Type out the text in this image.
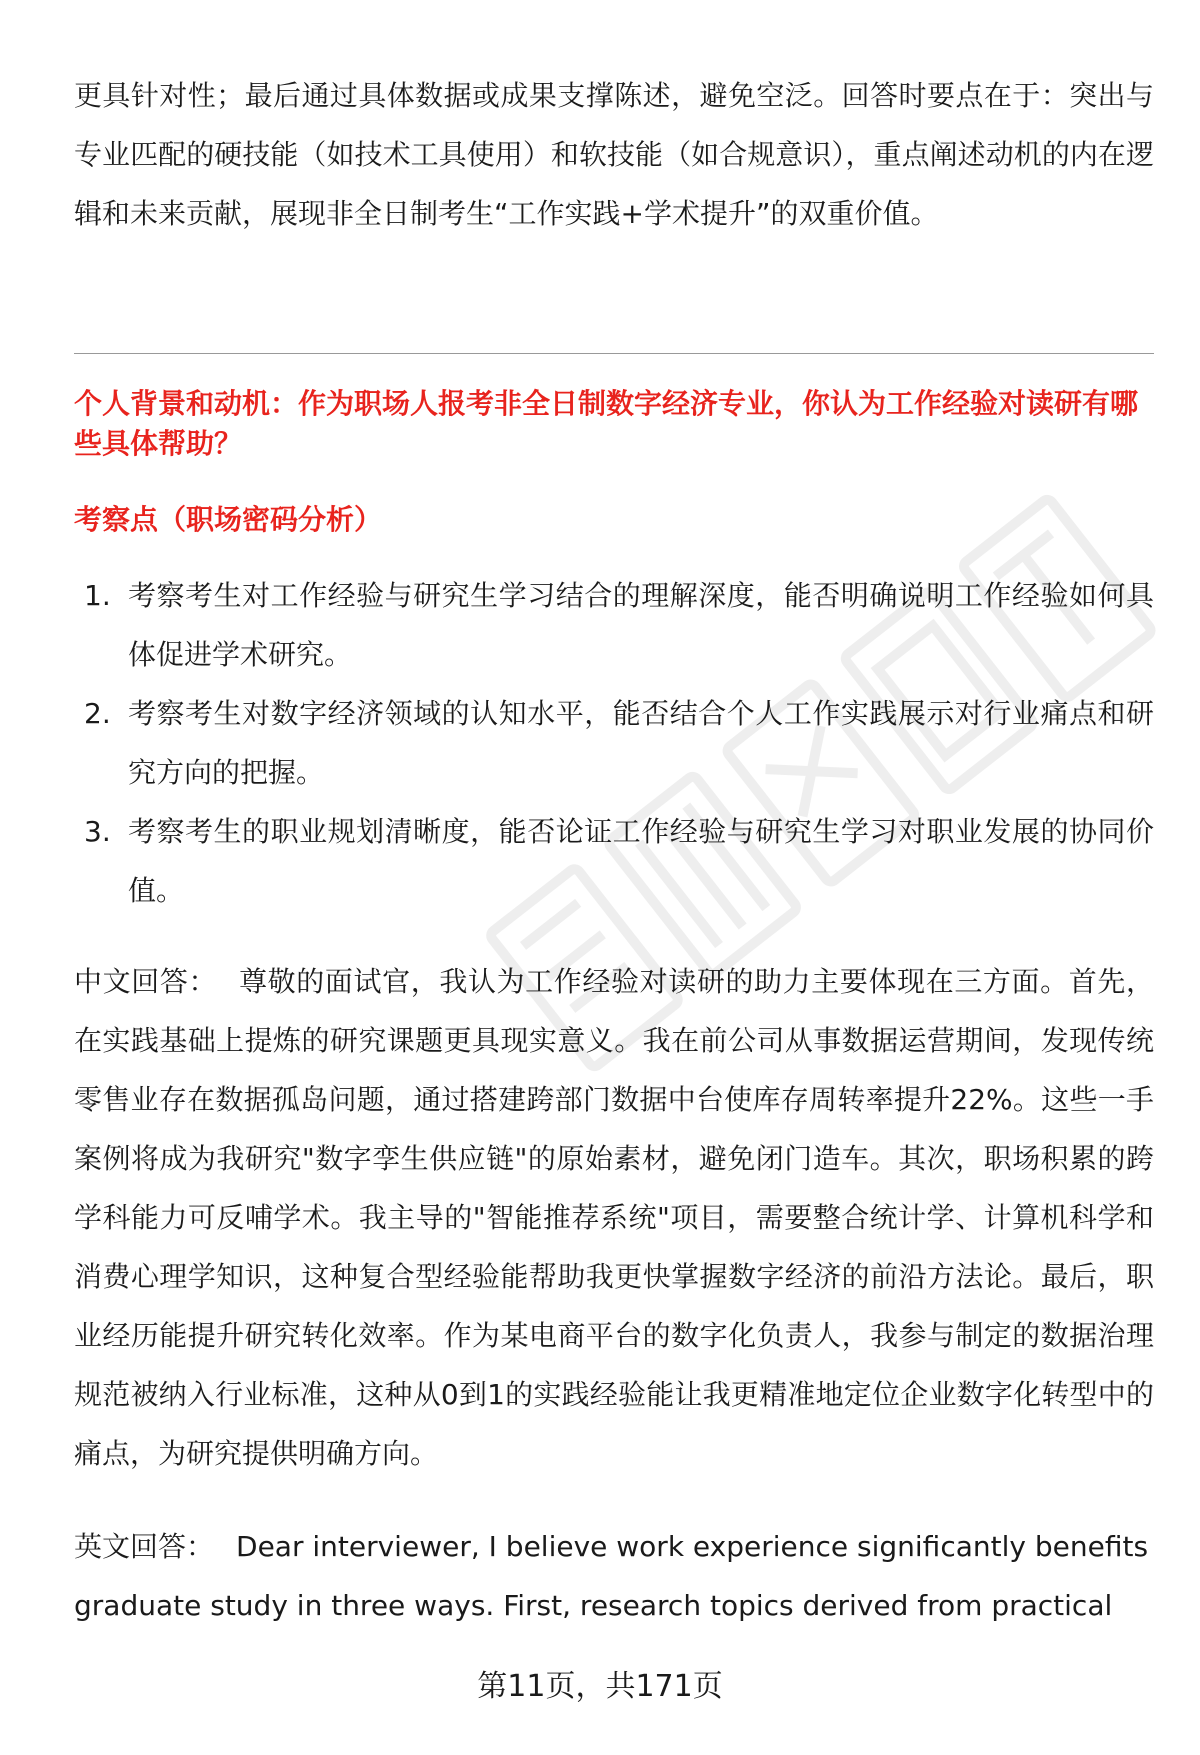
更具针对性；最后通过具体数据或成果支撑陈述，避免空泛。回答时要点在于：突出与专业匹配的硬技能（如技术工具使用）和软技能（如合规意识），重点阐述动机的内在逻辑和未来贡献，展现非全日制考生“工作实践+学术提升”的双重价值。

个人背景和动机：作为职场人报考非全日制数字经济专业，你认为工作经验对读研有哪些具体帮助？

考察点（职场密码分析）

1. 考察考生对工作经验与研究生学习结合的理解深度，能否明确说明工作经验如何具体促进学术研究。
2. 考察考生对数字经济领域的认知水平，能否结合个人工作实践展示对行业痛点和研究方向的把握。
3. 考察考生的职业规划清晰度，能否论证工作经验与研究生学习对职业发展的协同价值。

中文回答： 尊敬的面试官，我认为工作经验对读研的助力主要体现在三方面。首先，在实践基础上提炼的研究课题更具现实意义。我在前公司从事数据运营期间，发现传统零售业存在数据孤岛问题，通过搭建跨部门数据中台使库存周转率提升22%。这些一手案例将成为我研究"数字孪生供应链"的原始素材，避免闭门造车。其次，职场积累的跨学科能力可反哺学术。我主导的"智能推荐系统"项目，需要整合统计学、计算机科学和消费心理学知识，这种复合型经验能帮助我更快掌握数字经济的前沿方法论。最后，职业经历能提升研究转化效率。作为某电商平台的数字化负责人，我参与制定的数据治理规范被纳入行业标准，这种从0到1的实践经验能让我更精准地定位企业数字化转型中的痛点，为研究提供明确方向。

英文回答： Dear interviewer, I believe work experience significantly benefits graduate study in three ways. First, research topics derived from practical

第11页，共171页
